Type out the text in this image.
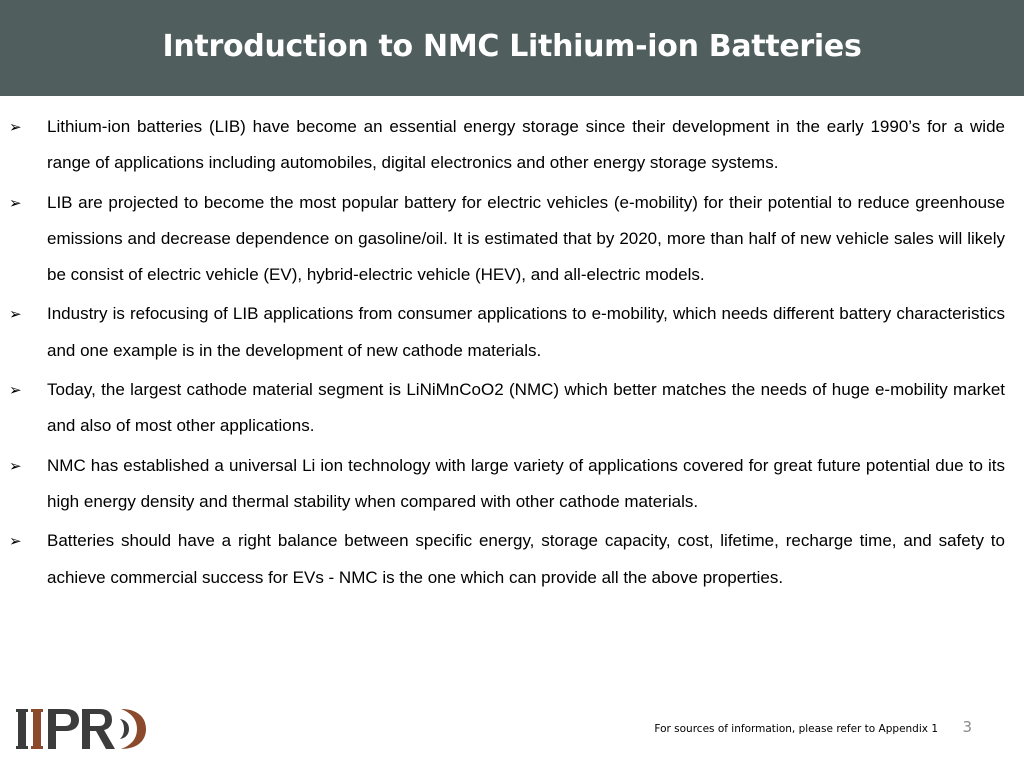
Introduction to NMC Lithium-ion Batteries
➢ Lithium-ion batteries (LIB) have become an essential energy storage since their development in the early 1990’s for a wide range of applications including automobiles, digital electronics and other energy storage systems.
➢ LIB are projected to become the most popular battery for electric vehicles (e-mobility) for their potential to reduce greenhouse emissions and decrease dependence on gasoline/oil. It is estimated that by 2020, more than half of new vehicle sales will likely be consist of electric vehicle (EV), hybrid-electric vehicle (HEV), and all-electric models.
➢ Industry is refocusing of LIB applications from consumer applications to e-mobility, which needs different battery characteristics and one example is in the development of new cathode materials.
➢ Today, the largest cathode material segment is LiNiMnCoO2 (NMC) which better matches the needs of huge e-mobility market and also of most other applications.
➢ NMC has established a universal Li ion technology with large variety of applications covered for great future potential due to its high energy density and thermal stability when compared with other cathode materials.
➢ Batteries should have a right balance between specific energy, storage capacity, cost, lifetime, recharge time, and safety to achieve commercial success for EVs - NMC is the one which can provide all the above properties.
For sources of information, please refer to Appendix 1 3
